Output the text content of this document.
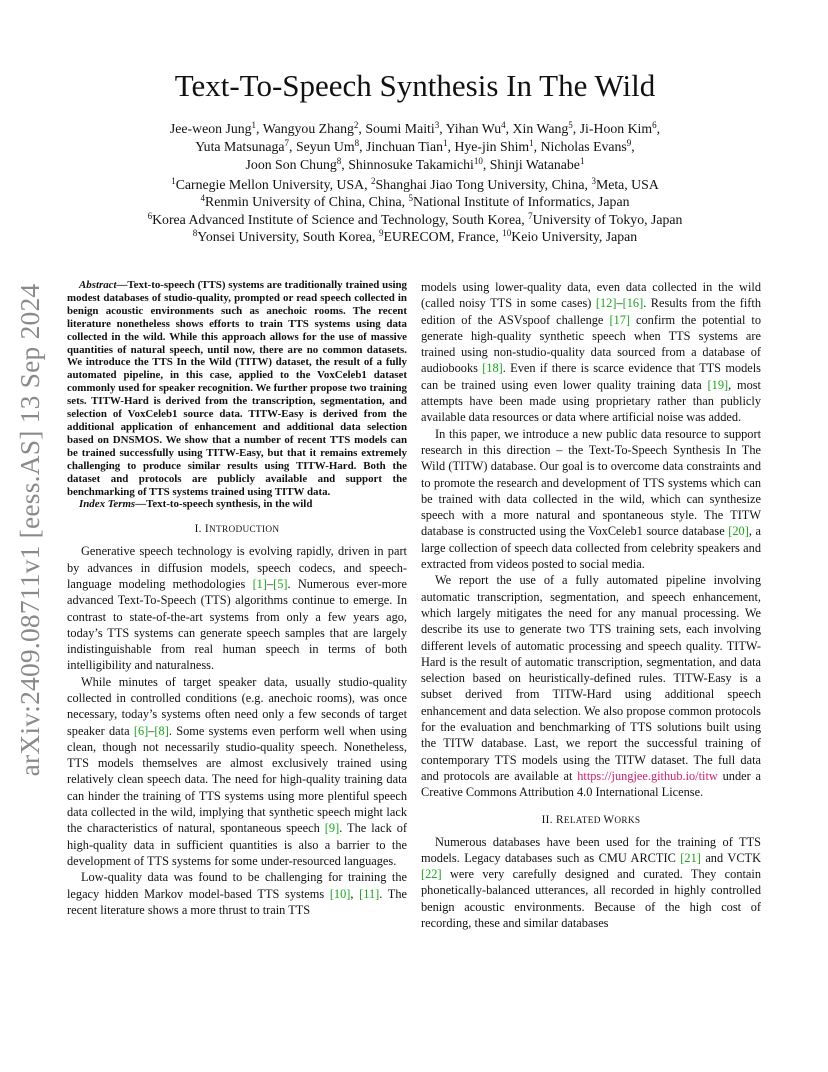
arXiv:2409.08711v1 [eess.AS] 13 Sep 2024
Text-To-Speech Synthesis In The Wild
Jee-weon Jung$^1$, Wangyou Zhang$^2$, Soumi Maiti$^3$, Yihan Wu$^4$, Xin Wang$^5$, Ji-Hoon Kim$^6$,
Yuta Matsunaga$^7$, Seyun Um$^8$, Jinchuan Tian$^1$, Hye-jin Shim$^1$, Nicholas Evans$^9$,
Joon Son Chung$^8$, Shinnosuke Takamichi$^{10}$, Shinji Watanabe$^1$
$^1$Carnegie Mellon University, USA, $^2$Shanghai Jiao Tong University, China, $^3$Meta, USA
$^4$Renmin University of China, China, $^5$National Institute of Informatics, Japan
$^6$Korea Advanced Institute of Science and Technology, South Korea, $^7$University of Tokyo, Japan
$^8$Yonsei University, South Korea, $^9$EURECOM, France, $^{10}$Keio University, Japan

Abstract—Text-to-speech (TTS) systems are traditionally trained using modest databases of studio-quality, prompted or read speech collected in benign acoustic environments such as anechoic rooms. The recent literature nonetheless shows efforts to train TTS systems using data collected in the wild. While this approach allows for the use of massive quantities of natural speech, until now, there are no common datasets. We introduce the TTS In the Wild (TITW) dataset, the result of a fully automated pipeline, in this case, applied to the VoxCeleb1 dataset commonly used for speaker recognition. We further propose two training sets. TITW-Hard is derived from the transcription, segmentation, and selection of VoxCeleb1 source data. TITW-Easy is derived from the additional application of enhancement and additional data selection based on DNSMOS. We show that a number of recent TTS models can be trained successfully using TITW-Easy, but that it remains extremely challenging to produce similar results using TITW-Hard. Both the dataset and protocols are publicly available and support the benchmarking of TTS systems trained using TITW data.

Index Terms—Text-to-speech synthesis, in the wild

I. INTRODUCTION

Generative speech technology is evolving rapidly, driven in part by advances in diffusion models, speech codecs, and speech-language modeling methodologies [1]–[5]. Numerous ever-more advanced Text-To-Speech (TTS) algorithms continue to emerge. In contrast to state-of-the-art systems from only a few years ago, today’s TTS systems can generate speech samples that are largely indistinguishable from real human speech in terms of both intelligibility and naturalness.

While minutes of target speaker data, usually studio-quality collected in controlled conditions (e.g. anechoic rooms), was once necessary, today’s systems often need only a few seconds of target speaker data [6]–[8]. Some systems even perform well when using clean, though not necessarily studio-quality speech. Nonetheless, TTS models themselves are almost exclusively trained using relatively clean speech data. The need for high-quality training data can hinder the training of TTS systems using more plentiful speech data collected in the wild, implying that synthetic speech might lack the characteristics of natural, spontaneous speech [9]. The lack of high-quality data in sufficient quantities is also a barrier to the development of TTS systems for some under-resourced languages.

Low-quality data was found to be challenging for training the legacy hidden Markov model-based TTS systems [10], [11]. The recent literature shows a more thrust to train TTS

models using lower-quality data, even data collected in the wild (called noisy TTS in some cases) [12]–[16]. Results from the fifth edition of the ASVspoof challenge [17] confirm the potential to generate high-quality synthetic speech when TTS systems are trained using non-studio-quality data sourced from a database of audiobooks [18]. Even if there is scarce evidence that TTS models can be trained using even lower quality training data [19], most attempts have been made using proprietary rather than publicly available data resources or data where artificial noise was added.

In this paper, we introduce a new public data resource to support research in this direction – the Text-To-Speech Synthesis In The Wild (TITW) database. Our goal is to overcome data constraints and to promote the research and development of TTS systems which can be trained with data collected in the wild, which can synthesize speech with a more natural and spontaneous style. The TITW database is constructed using the VoxCeleb1 source database [20], a large collection of speech data collected from celebrity speakers and extracted from videos posted to social media.

We report the use of a fully automated pipeline involving automatic transcription, segmentation, and speech enhancement, which largely mitigates the need for any manual processing. We describe its use to generate two TTS training sets, each involving different levels of automatic processing and speech quality. TITW-Hard is the result of automatic transcription, segmentation, and data selection based on heuristically-defined rules. TITW-Easy is a subset derived from TITW-Hard using additional speech enhancement and data selection. We also propose common protocols for the evaluation and benchmarking of TTS solutions built using the TITW database. Last, we report the successful training of contemporary TTS models using the TITW dataset. The full data and protocols are available at https://jungjee.github.io/titw under a Creative Commons Attribution 4.0 International License.

II. RELATED WORKS

Numerous databases have been used for the training of TTS models. Legacy databases such as CMU ARCTIC [21] and VCTK [22] were very carefully designed and curated. They contain phonetically-balanced utterances, all recorded in highly controlled benign acoustic environments. Because of the high cost of recording, these and similar databases
